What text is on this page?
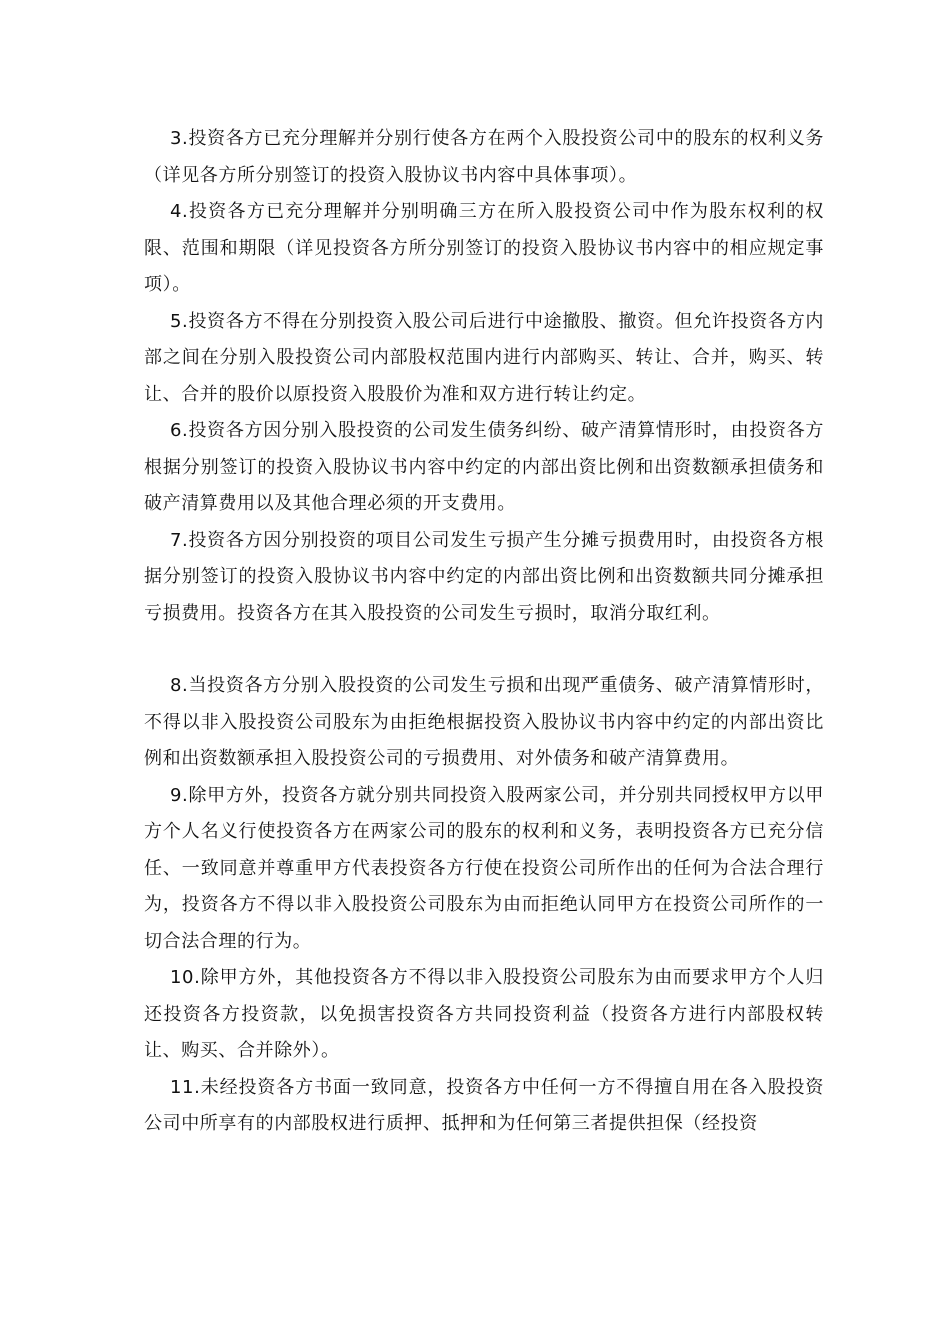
3.投资各方已充分理解并分别行使各方在两个入股投资公司中的股东的权利义务（详见各方所分别签订的投资入股协议书内容中具体事项）。

4.投资各方已充分理解并分别明确三方在所入股投资公司中作为股东权利的权限、范围和期限（详见投资各方所分别签订的投资入股协议书内容中的相应规定事项）。

5.投资各方不得在分别投资入股公司后进行中途撤股、撤资。但允许投资各方内部之间在分别入股投资公司内部股权范围内进行内部购买、转让、合并，购买、转让、合并的股价以原投资入股股价为准和双方进行转让约定。

6.投资各方因分别入股投资的公司发生债务纠纷、破产清算情形时，由投资各方根据分别签订的投资入股协议书内容中约定的内部出资比例和出资数额承担债务和破产清算费用以及其他合理必须的开支费用。

7.投资各方因分别投资的项目公司发生亏损产生分摊亏损费用时，由投资各方根据分别签订的投资入股协议书内容中约定的内部出资比例和出资数额共同分摊承担亏损费用。投资各方在其入股投资的公司发生亏损时，取消分取红利。

8.当投资各方分别入股投资的公司发生亏损和出现严重债务、破产清算情形时，不得以非入股投资公司股东为由拒绝根据投资入股协议书内容中约定的内部出资比例和出资数额承担入股投资公司的亏损费用、对外债务和破产清算费用。

9.除甲方外，投资各方就分别共同投资入股两家公司，并分别共同授权甲方以甲方个人名义行使投资各方在两家公司的股东的权利和义务，表明投资各方已充分信任、一致同意并尊重甲方代表投资各方行使在投资公司所作出的任何为合法合理行为，投资各方不得以非入股投资公司股东为由而拒绝认同甲方在投资公司所作的一切合法合理的行为。

10.除甲方外，其他投资各方不得以非入股投资公司股东为由而要求甲方个人归还投资各方投资款，以免损害投资各方共同投资利益（投资各方进行内部股权转让、购买、合并除外）。

11.未经投资各方书面一致同意，投资各方中任何一方不得擅自用在各入股投资公司中所享有的内部股权进行质押、抵押和为任何第三者提供担保（经投资
